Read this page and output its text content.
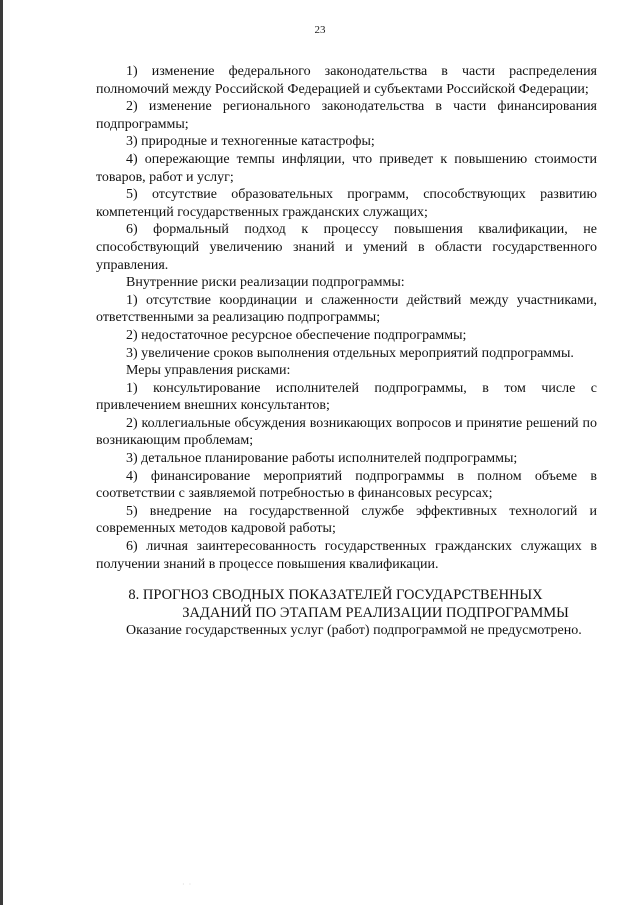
23

1) изменение федерального законодательства в части распределения полномочий между Российской Федерацией и субъектами Российской Федерации;

2) изменение регионального законодательства в части финансирования подпрограммы;

3) природные и техногенные катастрофы;

4) опережающие темпы инфляции, что приведет к повышению стоимости товаров, работ и услуг;

5) отсутствие образовательных программ, способствующих развитию компетенций государственных гражданских служащих;

6) формальный подход к процессу повышения квалификации, не способствующий увеличению знаний и умений в области государственного управления.

Внутренние риски реализации подпрограммы:

1) отсутствие координации и слаженности действий между участниками, ответственными за реализацию подпрограммы;

2) недостаточное ресурсное обеспечение подпрограммы;

3) увеличение сроков выполнения отдельных мероприятий подпрограммы.

Меры управления рисками:

1) консультирование исполнителей подпрограммы, в том числе с привлечением внешних консультантов;

2) коллегиальные обсуждения возникающих вопросов и принятие решений по возникающим проблемам;

3) детальное планирование работы исполнителей подпрограммы;

4) финансирование мероприятий подпрограммы в полном объеме в соответствии с заявляемой потребностью в финансовых ресурсах;

5) внедрение на государственной службе эффективных технологий и современных методов кадровой работы;

6) личная заинтересованность государственных гражданских служащих в получении знаний в процессе повышения квалификации.

8. ПРОГНОЗ СВОДНЫХ ПОКАЗАТЕЛЕЙ ГОСУДАРСТВЕННЫХ
ЗАДАНИЙ ПО ЭТАПАМ РЕАЛИЗАЦИИ ПОДПРОГРАММЫ

Оказание государственных услуг (работ) подпрограммой не предусмотрено.

· ·
